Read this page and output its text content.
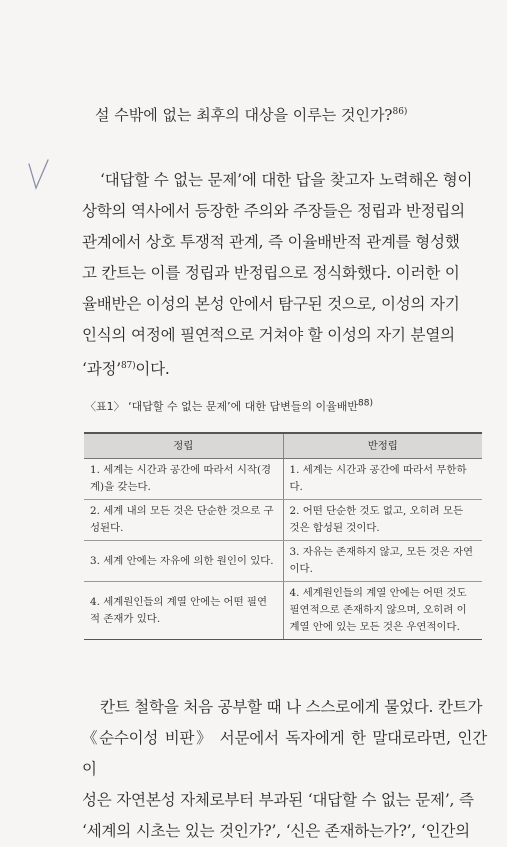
설 수밖에 없는 최후의 대상을 이루는 것인가?$^{86)}$
‘대답할 수 없는 문제’에 대한 답을 찾고자 노력해온 형이
상학의 역사에서 등장한 주의와 주장들은 정립과 반정립의
관계에서 상호 투쟁적 관계, 즉 이율배반적 관계를 형성했
고 칸트는 이를 정립과 반정립으로 정식화했다. 이러한 이
율배반은 이성의 본성 안에서 탐구된 것으로, 이성의 자기
인식의 여정에 필연적으로 거쳐야 할 이성의 자기 분열의
‘과정’$^{87)}$이다.
〈표1〉 ‘대답할 수 없는 문제’에 대한 답변들의 이율배반$^{88)}$
정립	반정립
1. 세계는 시간과 공간에 따라서 시작(경계)을 갖는다.	1. 세계는 시간과 공간에 따라서 무한하다.
2. 세계 내의 모든 것은 단순한 것으로 구성된다.	2. 어떤 단순한 것도 없고, 오히려 모든 것은 합성된 것이다.
3. 세계 안에는 자유에 의한 원인이 있다.	3. 자유는 존재하지 않고, 모든 것은 자연이다.
4. 세계원인들의 계열 안에는 어떤 필연적 존재가 있다.	4. 세계원인들의 계열 안에는 어떤 것도 필연적으로 존재하지 않으며, 오히려 이 계열 안에 있는 모든 것은 우연적이다.
칸트 철학을 처음 공부할 때 나 스스로에게 물었다. 칸트가
《순수이성 비판》 서문에서 독자에게 한 말대로라면, 인간 이
성은 자연본성 자체로부터 부과된 ‘대답할 수 없는 문제’, 즉
‘세계의 시초는 있는 것인가?’, ‘신은 존재하는가?’, ‘인간의
